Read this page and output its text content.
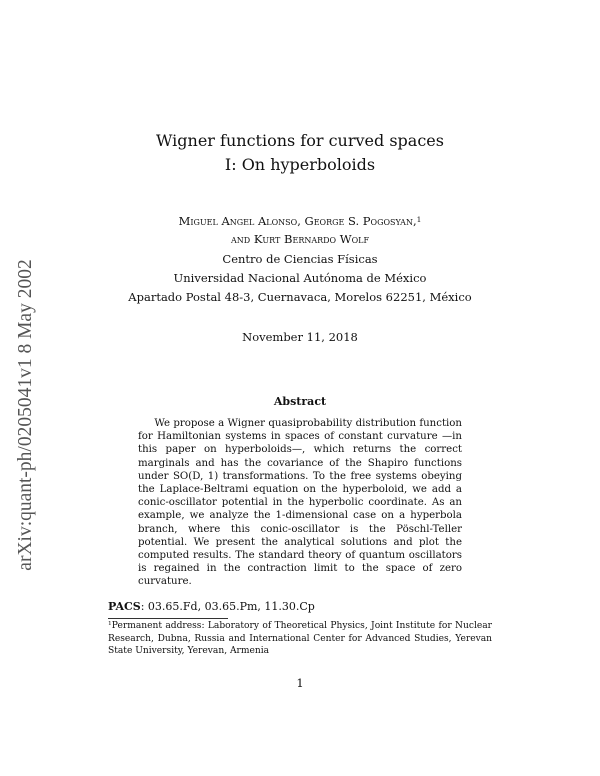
arXiv:quant-ph/0205041v1 8 May 2002
Wigner functions for curved spaces
I: On hyperboloids
Miguel Angel Alonso, George S. Pogosyan,$^1$
and Kurt Bernardo Wolf
Centro de Ciencias Físicas
Universidad Nacional Autónoma de México
Apartado Postal 48-3, Cuernavaca, Morelos 62251, México
November 11, 2018
Abstract
We propose a Wigner quasiprobability distribution function for Hamiltonian systems in spaces of constant curvature —in this paper on hyperboloids—, which returns the correct marginals and has the covariance of the Shapiro functions under SO(D, 1) transformations. To the free systems obeying the Laplace-Beltrami equation on the hyperboloid, we add a conic-oscillator potential in the hyperbolic coordinate. As an example, we analyze the 1-dimensional case on a hyperbola branch, where this conic-oscillator is the Pöschl-Teller potential. We present the analytical solutions and plot the computed results. The standard theory of quantum oscillators is regained in the contraction limit to the space of zero curvature.
PACS: 03.65.Fd, 03.65.Pm, 11.30.Cp
$^1$Permanent address: Laboratory of Theoretical Physics, Joint Institute for Nuclear Research, Dubna, Russia and International Center for Advanced Studies, Yerevan State University, Yerevan, Armenia
1
